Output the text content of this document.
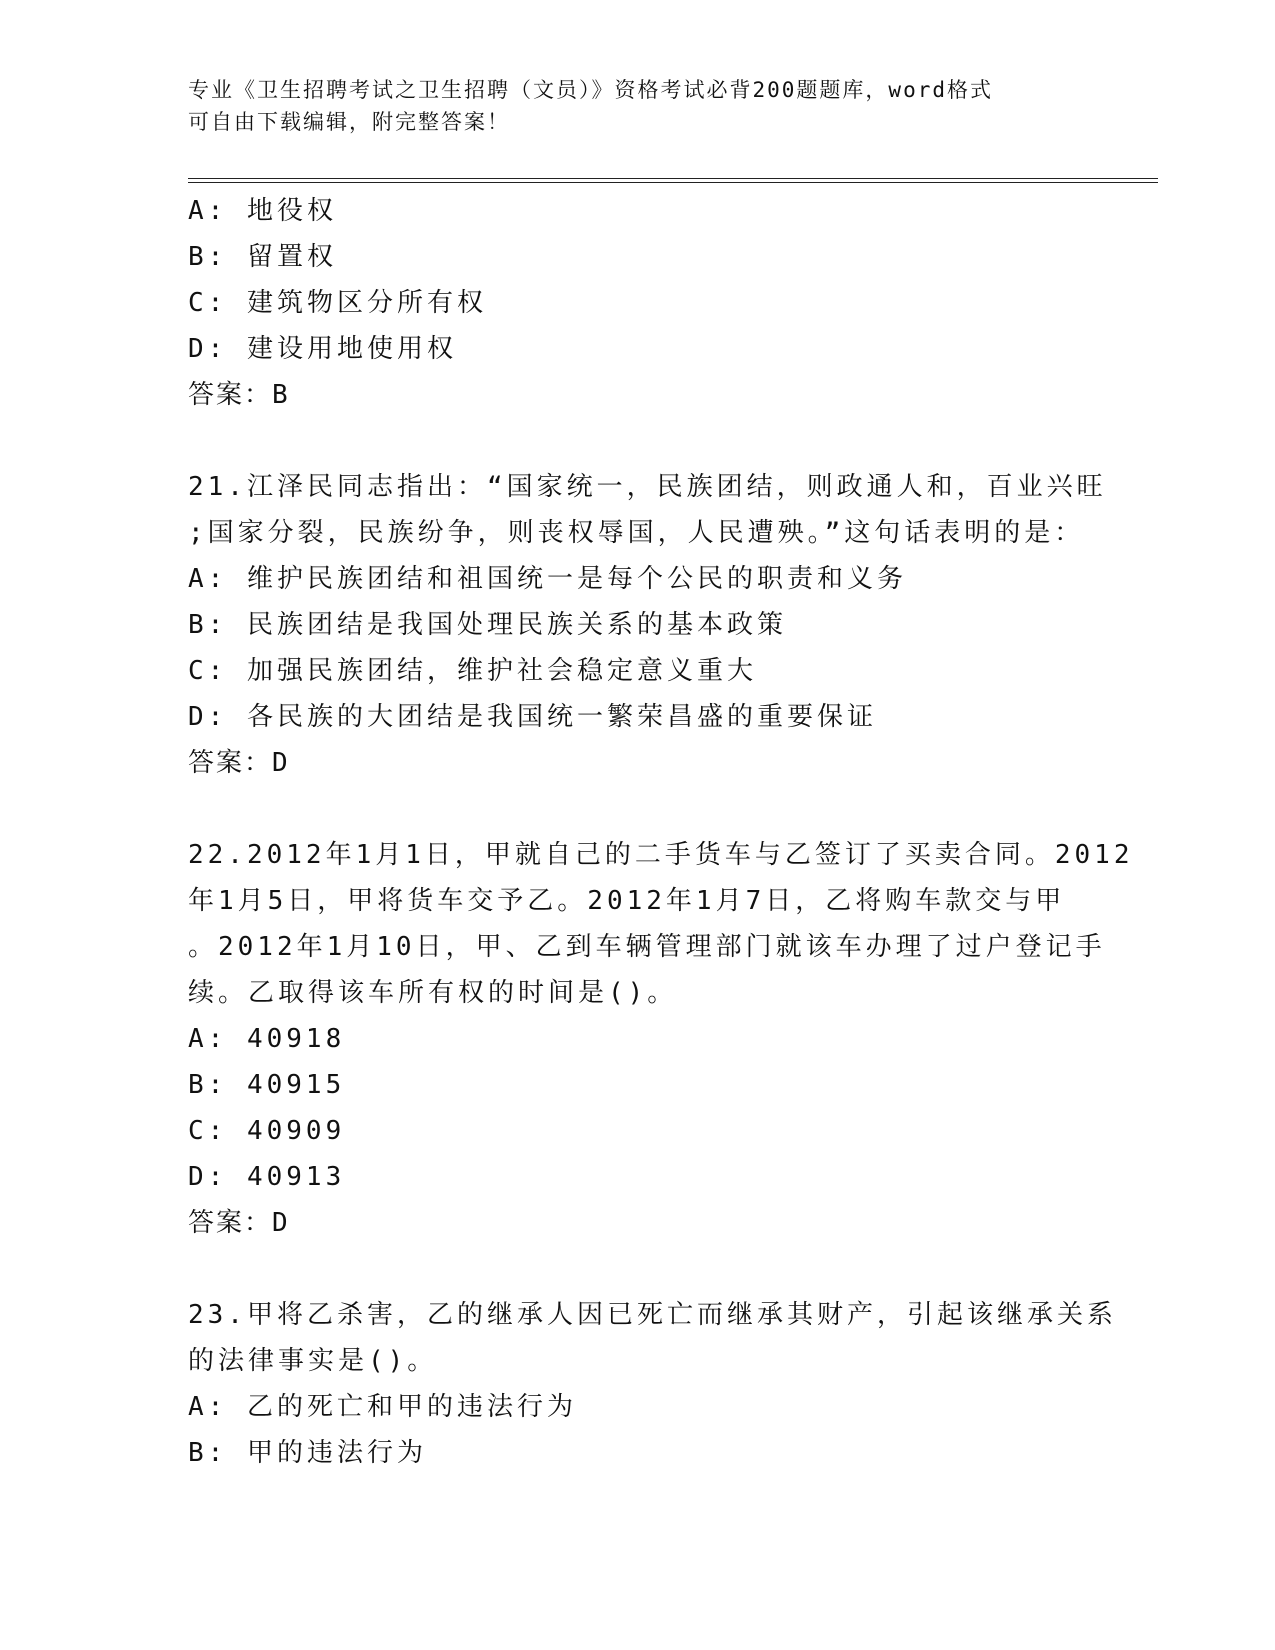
专业《卫生招聘考试之卫生招聘（文员）》资格考试必背200题题库，word格式
可自由下载编辑，附完整答案！
A: 地役权
B: 留置权
C: 建筑物区分所有权
D: 建设用地使用权
答案：B
21.江泽民同志指出：“国家统一，民族团结，则政通人和，百业兴旺
;国家分裂，民族纷争，则丧权辱国，人民遭殃。”这句话表明的是：
A: 维护民族团结和祖国统一是每个公民的职责和义务
B: 民族团结是我国处理民族关系的基本政策
C: 加强民族团结，维护社会稳定意义重大
D: 各民族的大团结是我国统一繁荣昌盛的重要保证
答案：D
22.2012年1月1日，甲就自己的二手货车与乙签订了买卖合同。2012
年1月5日，甲将货车交予乙。2012年1月7日，乙将购车款交与甲
。2012年1月10日，甲、乙到车辆管理部门就该车办理了过户登记手
续。乙取得该车所有权的时间是()。
A: 40918
B: 40915
C: 40909
D: 40913
答案：D
23.甲将乙杀害，乙的继承人因已死亡而继承其财产，引起该继承关系
的法律事实是()。
A: 乙的死亡和甲的违法行为
B: 甲的违法行为
